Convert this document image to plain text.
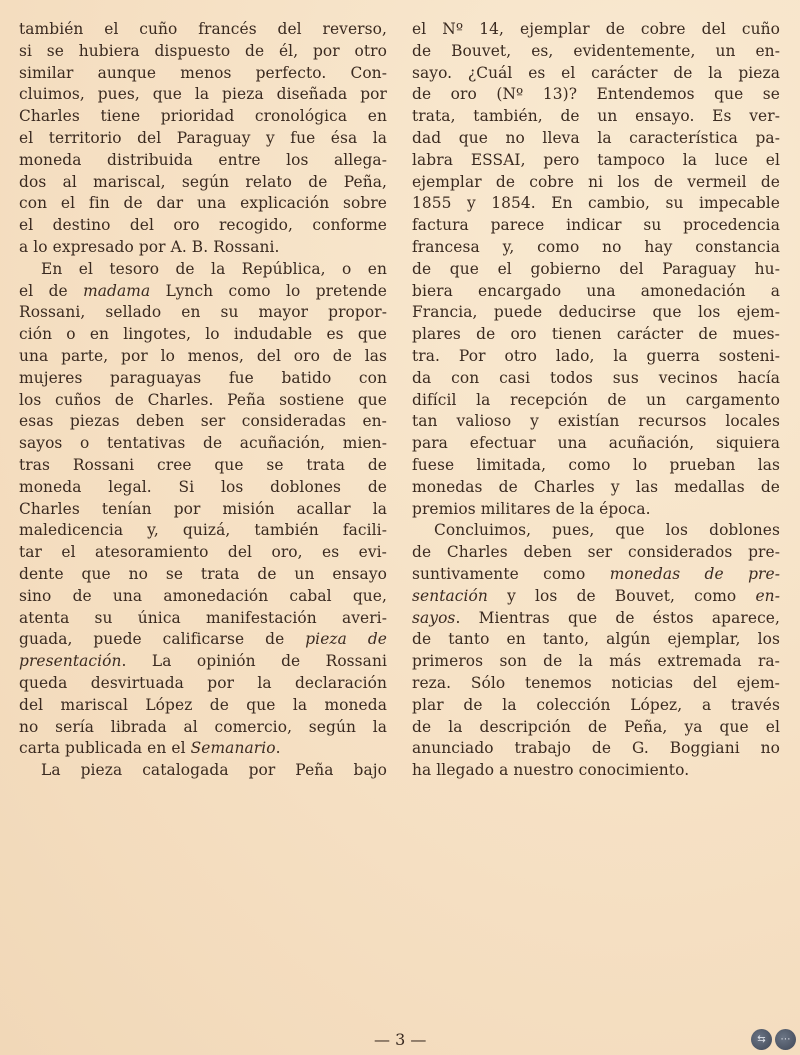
también el cuño francés del reverso,
si se hubiera dispuesto de él, por otro
similar aunque menos perfecto. Con-
cluimos, pues, que la pieza diseñada por
Charles tiene prioridad cronológica en
el territorio del Paraguay y fue ésa la
moneda distribuida entre los allega-
dos al mariscal, según relato de Peña,
con el fin de dar una explicación sobre
el destino del oro recogido, conforme
a lo expresado por A. B. Rossani.
En el tesoro de la República, o en
el de madama Lynch como lo pretende
Rossani, sellado en su mayor propor-
ción o en lingotes, lo indudable es que
una parte, por lo menos, del oro de las
mujeres paraguayas fue batido con
los cuños de Charles. Peña sostiene que
esas piezas deben ser consideradas en-
sayos o tentativas de acuñación, mien-
tras Rossani cree que se trata de
moneda legal. Si los doblones de
Charles tenían por misión acallar la
maledicencia y, quizá, también facili-
tar el atesoramiento del oro, es evi-
dente que no se trata de un ensayo
sino de una amonedación cabal que,
atenta su única manifestación averi-
guada, puede calificarse de pieza de
presentación. La opinión de Rossani
queda desvirtuada por la declaración
del mariscal López de que la moneda
no sería librada al comercio, según la
carta publicada en el Semanario.
La pieza catalogada por Peña bajo
el Nº 14, ejemplar de cobre del cuño
de Bouvet, es, evidentemente, un en-
sayo. ¿Cuál es el carácter de la pieza
de oro (Nº 13)? Entendemos que se
trata, también, de un ensayo. Es ver-
dad que no lleva la característica pa-
labra ESSAI, pero tampoco la luce el
ejemplar de cobre ni los de vermeil de
1855 y 1854. En cambio, su impecable
factura parece indicar su procedencia
francesa y, como no hay constancia
de que el gobierno del Paraguay hu-
biera encargado una amonedación a
Francia, puede deducirse que los ejem-
plares de oro tienen carácter de mues-
tra. Por otro lado, la guerra sosteni-
da con casi todos sus vecinos hacía
difícil la recepción de un cargamento
tan valioso y existían recursos locales
para efectuar una acuñación, siquiera
fuese limitada, como lo prueban las
monedas de Charles y las medallas de
premios militares de la época.
Concluimos, pues, que los doblones
de Charles deben ser considerados pre-
suntivamente como monedas de pre-
sentación y los de Bouvet, como en-
sayos. Mientras que de éstos aparece,
de tanto en tanto, algún ejemplar, los
primeros son de la más extremada ra-
reza. Sólo tenemos noticias del ejem-
plar de la colección López, a través
de la descripción de Peña, ya que el
anunciado trabajo de G. Boggiani no
ha llegado a nuestro conocimiento.
— 3 —	⇆	⋯
